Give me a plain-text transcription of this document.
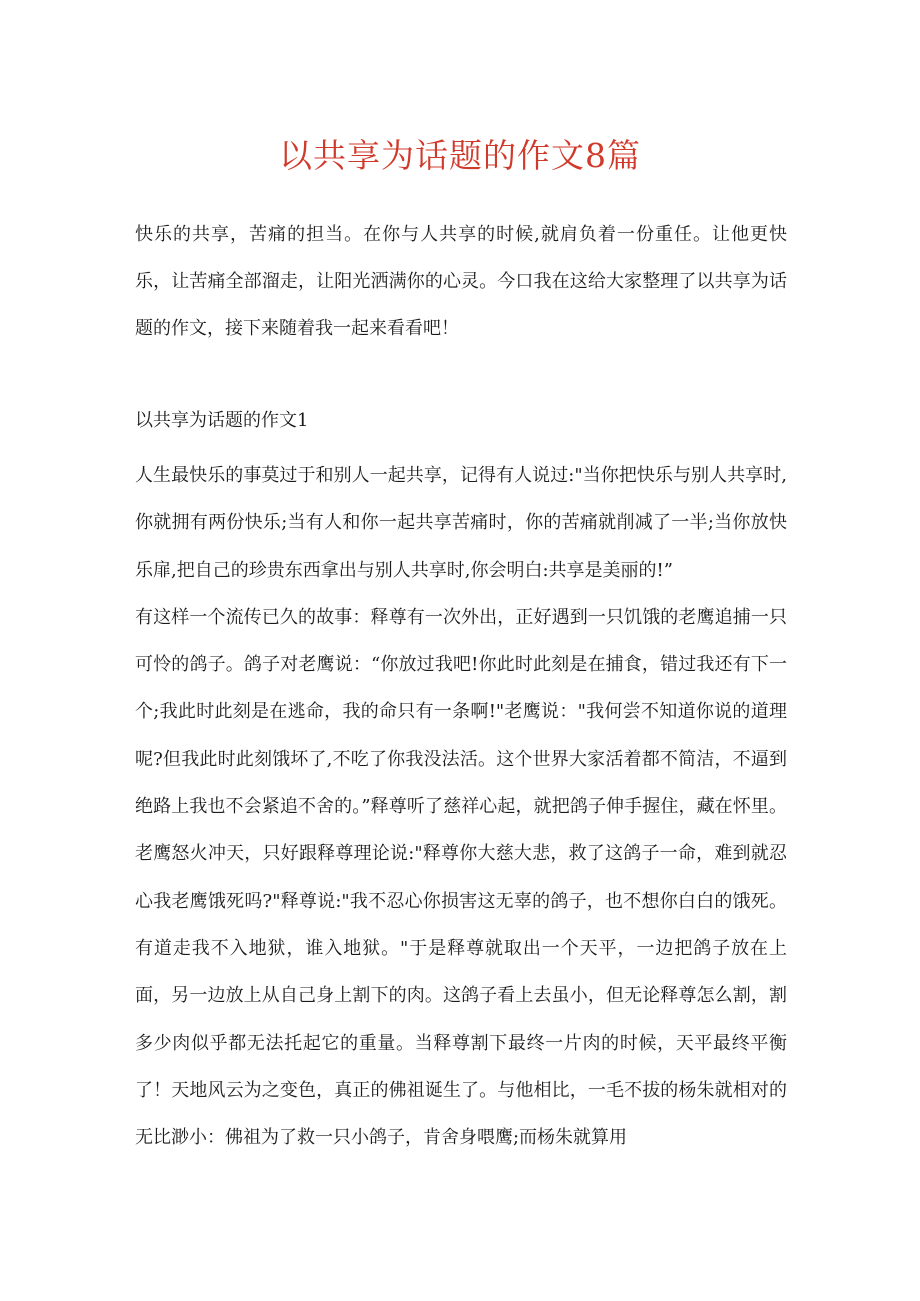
以共享为话题的作文8篇

快乐的共享，苦痛的担当。在你与人共享的时候,就肩负着一份重任。让他更快乐，让苦痛全部溜走，让阳光洒满你的心灵。今口我在这给大家整理了以共享为话题的作文，接下来随着我一起来看看吧！

以共享为话题的作文1

人生最快乐的事莫过于和别人一起共享，记得有人说过:"当你把快乐与别人共享时,你就拥有两份快乐;当有人和你一起共享苦痛时，你的苦痛就削减了一半;当你放快乐扉,把自己的珍贵东西拿出与别人共享时,你会明白:共享是美丽的!”

有这样一个流传已久的故事：释尊有一次外出，正好遇到一只饥饿的老鹰追捕一只可怜的鸽子。鸽子对老鹰说：“你放过我吧!你此时此刻是在捕食，错过我还有下一个;我此时此刻是在逃命，我的命只有一条啊!"老鹰说："我何尝不知道你说的道理呢?但我此时此刻饿坏了,不吃了你我没法活。这个世界大家活着都不简洁，不逼到绝路上我也不会紧追不舍的。”释尊听了慈祥心起，就把鸽子伸手握住，藏在怀里。老鹰怒火冲天，只好跟释尊理论说:"释尊你大慈大悲，救了这鸽子一命，难到就忍心我老鹰饿死吗?"释尊说:"我不忍心你损害这无辜的鸽子，也不想你白白的饿死。有道走我不入地狱，谁入地狱。"于是释尊就取出一个天平，一边把鸽子放在上面，另一边放上从自己身上割下的肉。这鸽子看上去虽小，但无论释尊怎么割，割多少肉似乎都无法托起它的重量。当释尊割下最终一片肉的时候，天平最终平衡了！天地风云为之变色，真正的佛祖诞生了。与他相比，一毛不拔的杨朱就相对的无比渺小：佛祖为了救一只小鸽子，肯舍身喂鹰;而杨朱就算用
